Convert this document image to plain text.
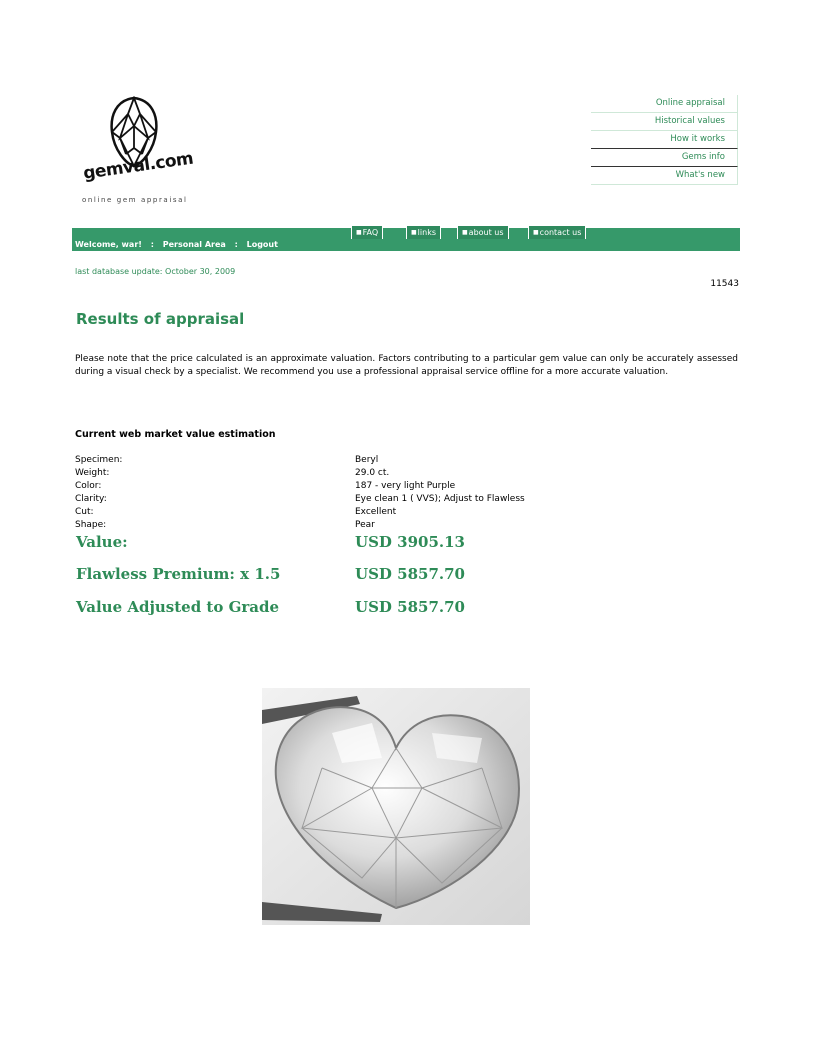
gemval.com
online gem appraisal
Online appraisal
Historical values
How it works
Gems info
What's new
■FAQ	■links	■about us	■contact us
Welcome, war! : Personal Area : Logout
last database update: October 30, 2009
11543
Results of appraisal
Please note that the price calculated is an approximate valuation. Factors contributing to a particular gem value can only be accurately assessed during a visual check by a specialist. We recommend you use a professional appraisal service offline for a more accurate valuation.
Current web market value estimation
Specimen:	Beryl
Weight:	29.0 ct.
Color:	187 - very light Purple
Clarity:	Eye clean 1 ( VVS); Adjust to Flawless
Cut:	Excellent
Shape:	Pear
Value:	USD 3905.13
Flawless Premium: x 1.5	USD 5857.70
Value Adjusted to Grade	USD 5857.70
